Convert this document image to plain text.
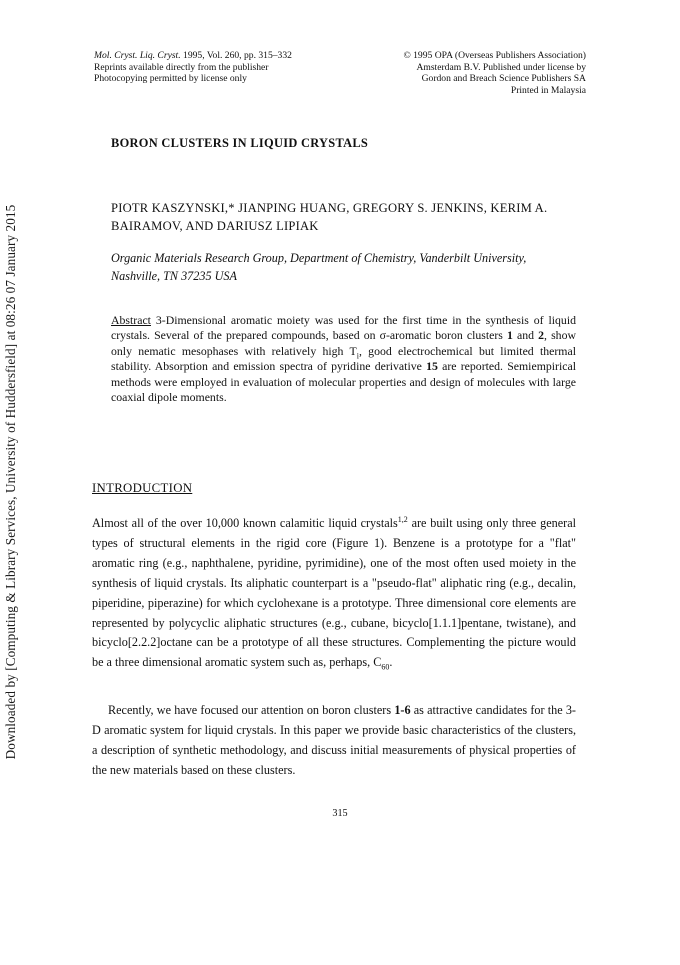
Downloaded by [Computing & Library Services, University of Huddersfield] at 08:26 07 January 2015
Mol. Cryst. Liq. Cryst. 1995, Vol. 260, pp. 315–332
Reprints available directly from the publisher
Photocopying permitted by license only
© 1995 OPA (Overseas Publishers Association)
Amsterdam B.V. Published under license by
Gordon and Breach Science Publishers SA
Printed in Malaysia
BORON CLUSTERS IN LIQUID CRYSTALS
PIOTR KASZYNSKI,* JIANPING HUANG, GREGORY S. JENKINS, KERIM A. BAIRAMOV, AND DARIUSZ LIPIAK
Organic Materials Research Group, Department of Chemistry, Vanderbilt University, Nashville, TN 37235 USA
Abstract 3-Dimensional aromatic moiety was used for the first time in the synthesis of liquid crystals. Several of the prepared compounds, based on σ-aromatic boron clusters 1 and 2, show only nematic mesophases with relatively high $T_i$, good electrochemical but limited thermal stability. Absorption and emission spectra of pyridine derivative 15 are reported. Semiempirical methods were employed in evaluation of molecular properties and design of molecules with large coaxial dipole moments.
INTRODUCTION
Almost all of the over 10,000 known calamitic liquid crystals$^{1,2}$ are built using only three general types of structural elements in the rigid core (Figure 1). Benzene is a prototype for a "flat" aromatic ring (e.g., naphthalene, pyridine, pyrimidine), one of the most often used moiety in the synthesis of liquid crystals. Its aliphatic counterpart is a "pseudo-flat" aliphatic ring (e.g., decalin, piperidine, piperazine) for which cyclohexane is a prototype. Three dimensional core elements are represented by polycyclic aliphatic structures (e.g., cubane, bicyclo[1.1.1]pentane, twistane), and bicyclo[2.2.2]octane can be a prototype of all these structures. Complementing the picture would be a three dimensional aromatic system such as, perhaps, $C_{60}$.
Recently, we have focused our attention on boron clusters 1-6 as attractive candidates for the 3-D aromatic system for liquid crystals. In this paper we provide basic characteristics of the clusters, a description of synthetic methodology, and discuss initial measurements of physical properties of the new materials based on these clusters.
315
